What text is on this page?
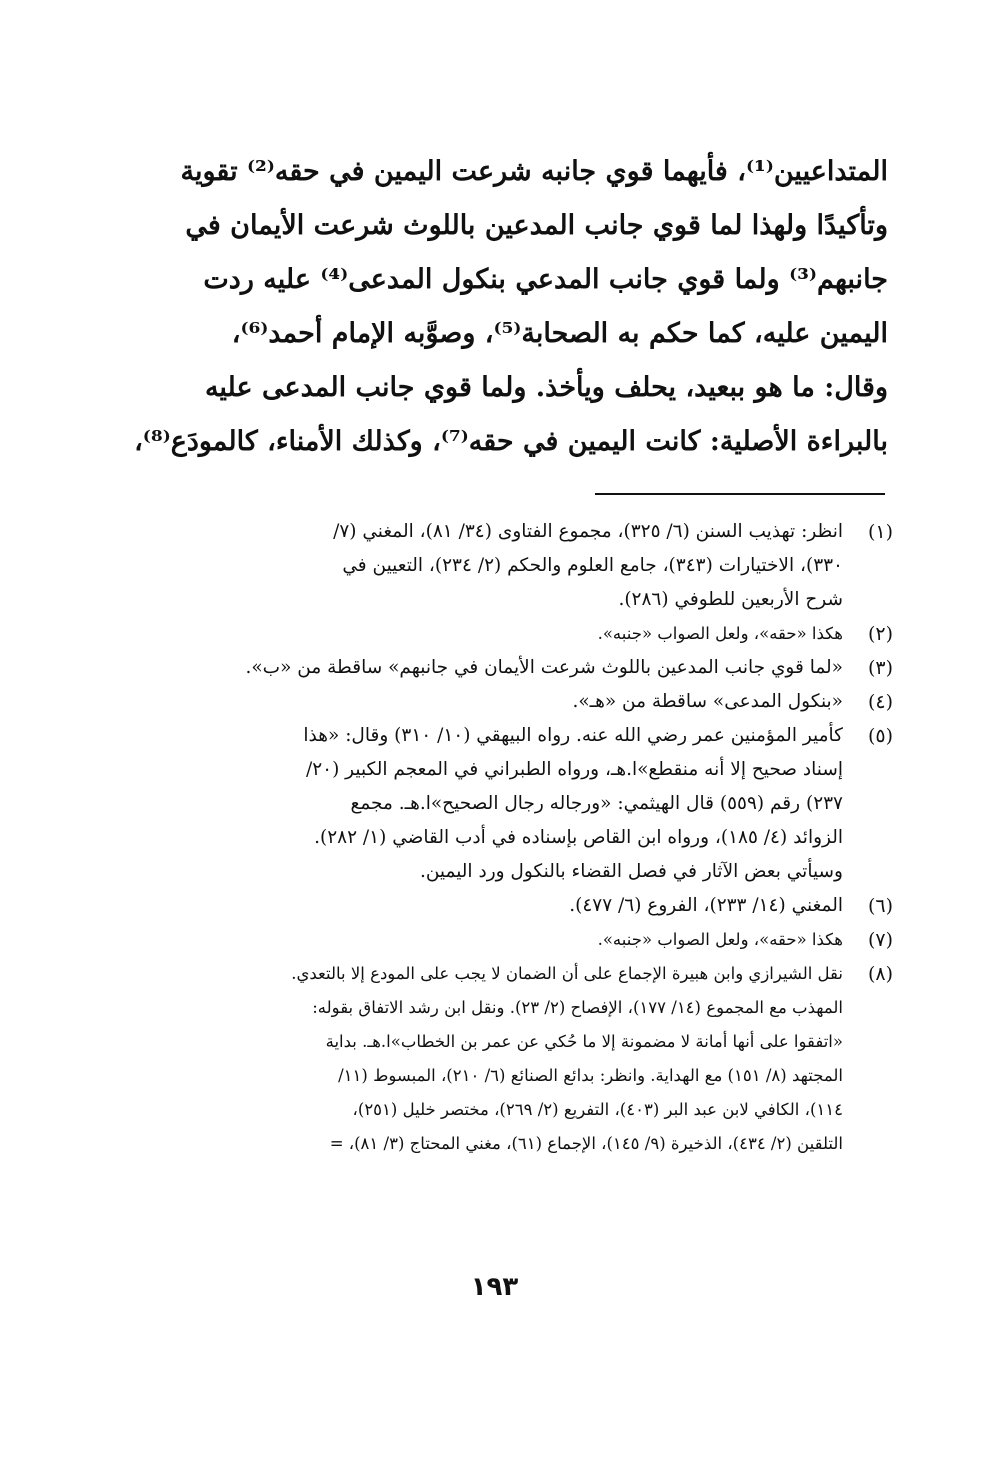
المتداعيين⁽¹⁾، فأيهما قوي جانبه شرعت اليمين في حقه⁽²⁾ تقوية
وتأكيدًا ولهذا لما قوي جانب المدعين باللوث شرعت الأيمان في
جانبهم⁽³⁾ ولما قوي جانب المدعي بنكول المدعى⁽⁴⁾ عليه ردت
اليمين عليه، كما حكم به الصحابة⁽⁵⁾، وصوَّبه الإمام أحمد⁽⁶⁾،
وقال: ما هو ببعيد، يحلف ويأخذ. ولما قوي جانب المدعى عليه
بالبراءة الأصلية: كانت اليمين في حقه⁽⁷⁾، وكذلك الأمناء، كالمودَع⁽⁸⁾،
(١)
انظر: تهذيب السنن (٦/ ٣٢٥)، مجموع الفتاوى (٣٤/ ٨١)، المغني (٧/
٣٣٠)، الاختيارات (٣٤٣)، جامع العلوم والحكم (٢/ ٢٣٤)، التعيين في
شرح الأربعين للطوفي (٢٨٦).
(٢)
هكذا «حقه»، ولعل الصواب «جنبه».
(٣)
«لما قوي جانب المدعين باللوث شرعت الأيمان في جانبهم» ساقطة من «ب».
(٤)
«بنكول المدعى» ساقطة من «هـ».
(٥)
كأمير المؤمنين عمر رضي الله عنه. رواه البيهقي (١٠/ ٣١٠) وقال: «هذا
إسناد صحيح إلا أنه منقطع»ا.هـ، ورواه الطبراني في المعجم الكبير (٢٠/
٢٣٧) رقم (٥٥٩) قال الهيثمي: «ورجاله رجال الصحيح»ا.هـ. مجمع
الزوائد (٤/ ١٨٥)، ورواه ابن القاص بإسناده في أدب القاضي (١/ ٢٨٢).
وسيأتي بعض الآثار في فصل القضاء بالنكول ورد اليمين.
(٦)
المغني (١٤/ ٢٣٣)، الفروع (٦/ ٤٧٧).
(٧)
هكذا «حقه»، ولعل الصواب «جنبه».
(٨)
نقل الشيرازي وابن هبيرة الإجماع على أن الضمان لا يجب على المودع إلا بالتعدي.
المهذب مع المجموع (١٤/ ١٧٧)، الإفصاح (٢/ ٢٣). ونقل ابن رشد الاتفاق بقوله:
«اتفقوا على أنها أمانة لا مضمونة إلا ما حُكي عن عمر بن الخطاب»ا.هـ. بداية
المجتهد (٨/ ١٥١) مع الهداية. وانظر: بدائع الصنائع (٦/ ٢١٠)، المبسوط (١١/
١١٤)، الكافي لابن عبد البر (٤٠٣)، التفريع (٢/ ٢٦٩)، مختصر خليل (٢٥١)،
التلقين (٢/ ٤٣٤)، الذخيرة (٩/ ١٤٥)، الإجماع (٦١)، مغني المحتاج (٣/ ٨١)، =
١٩٣
